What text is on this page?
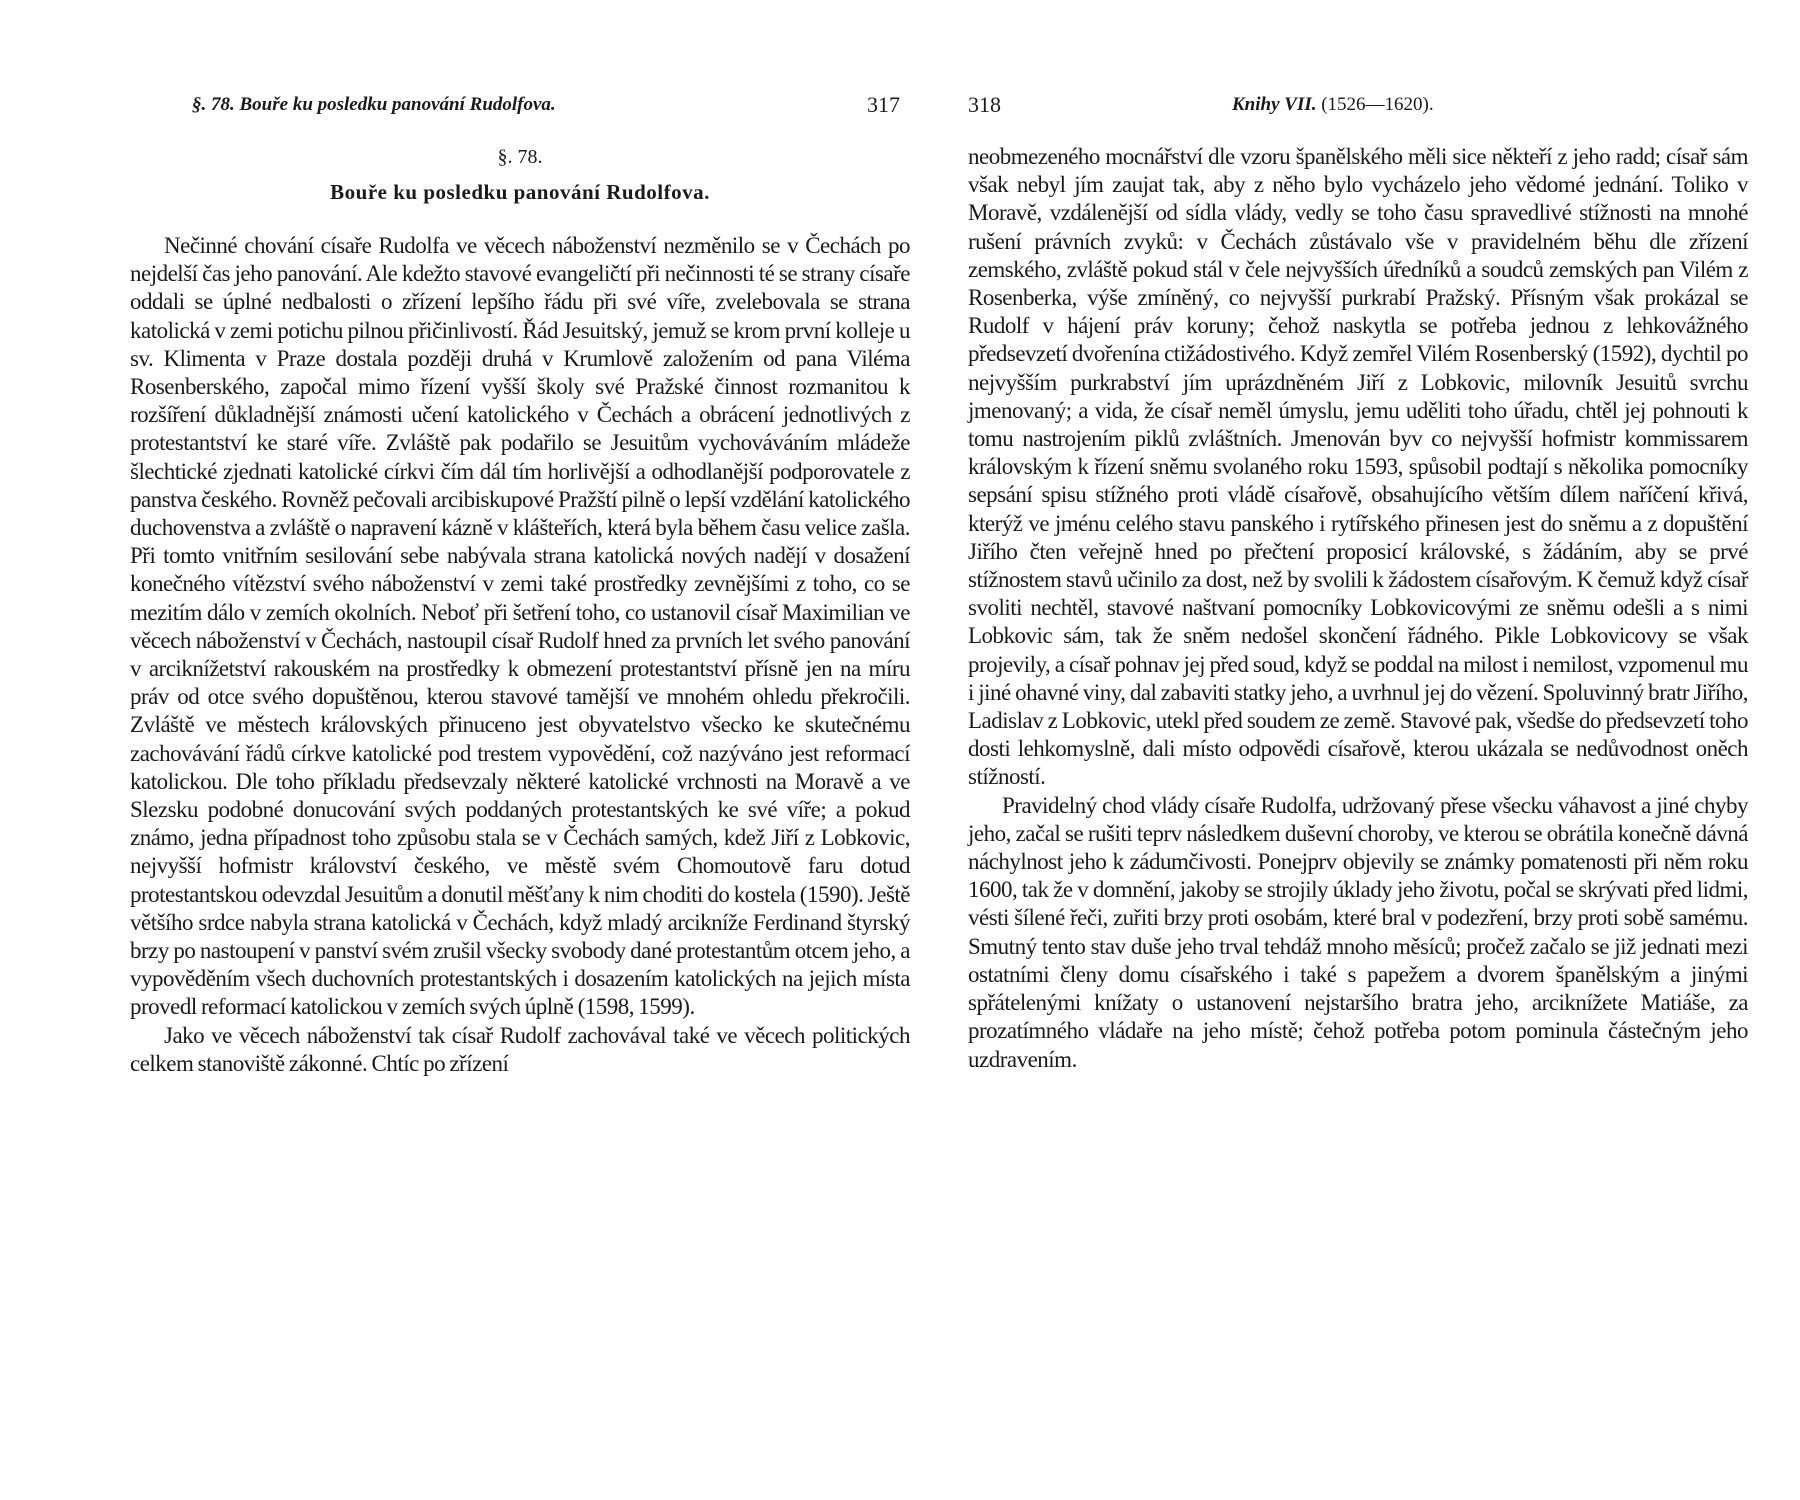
§. 78. Bouře ku posledku panování Rudolfova.	317
§. 78.
Bouře ku posledku panování Rudolfova.

Nečinné chování císaře Rudolfa ve věcech náboženství nezměnilo se v Čechách po nejdelší čas jeho panování. Ale kdežto stavové evangeličtí při nečinnosti té se strany císaře oddali se úplné nedbalosti o zřízení lepšího řádu při své víře, zvelebovala se strana katolická v zemi potichu pilnou přičinlivostí. Řád Jesuitský, jemuž se krom první kolleje u sv. Klimenta v Praze dostala později druhá v Krumlově založením od pana Viléma Rosenberského, započal mimo řízení vyšší školy své Pražské činnost rozmanitou k rozšíření důkladnější známosti učení katolického v Čechách a obrácení jednotlivých z protestantství ke staré víře. Zvláště pak podařilo se Jesuitům vychováváním mládeže šlechtické zjednati katolické církvi čím dál tím horlivější a odhodlanější podporovatele z panstva českého. Rovněž pečovali arcibiskupové Pražští pilně o lepší vzdělání katolického duchovenstva a zvláště o napravení kázně v klášteřích, která byla během času velice zašla. Při tomto vnitřním sesilování sebe nabývala strana katolická nových nadějí v dosažení konečného vítězství svého náboženství v zemi také prostředky zevnějšími z toho, co se mezitím dálo v zemích okolních. Neboť při šetření toho, co ustanovil císař Maximilian ve věcech náboženství v Čechách, nastoupil císař Rudolf hned za prvních let svého panování v arciknížetství rakouském na prostředky k obmezení protestantství přísně jen na míru práv od otce svého dopuštěnou, kterou stavové tamější ve mnohém ohledu překročili. Zvláště ve městech královských přinuceno jest obyvatelstvo všecko ke skutečnému zachovávání řádů církve katolické pod trestem vypovědění, což nazýváno jest reformací katolickou. Dle toho příkladu předsevzaly některé katolické vrchnosti na Moravě a ve Slezsku podobné donucování svých poddaných protestantských ke své víře; a pokud známo, jedna případnost toho způsobu stala se v Čechách samých, kdež Jiří z Lobkovic, nejvyšší hofmistr království českého, ve městě svém Chomoutově faru dotud protestantskou odevzdal Jesuitům a donutil měšťany k nim choditi do kostela (1590). Ještě většího srdce nabyla strana katolická v Čechách, když mladý arcikníže Ferdinand štyrský brzy po nastoupení v panství svém zrušil všecky svobody dané protestantům otcem jeho, a vypověděním všech duchovních protestantských i dosazením katolických na jejich místa provedl reformací katolickou v zemích svých úplně (1598, 1599).

Jako ve věcech náboženství tak císař Rudolf zachovával také ve věcech politických celkem stanoviště zákonné. Chtíc po zřízení

318	Knihy VII. (1526—1620).

neobmezeného mocnářství dle vzoru španělského měli sice někteří z jeho radd; císař sám však nebyl jím zaujat tak, aby z něho bylo vycházelo jeho vědomé jednání. Toliko v Moravě, vzdálenější od sídla vlády, vedly se toho času spravedlivé stížnosti na mnohé rušení právních zvyků: v Čechách zůstávalo vše v pravidelném běhu dle zřízení zemského, zvláště pokud stál v čele nejvyšších úředníků a soudců zemských pan Vilém z Rosenberka, výše zmíněný, co nejvyšší purkrabí Pražský. Přísným však prokázal se Rudolf v hájení práv koruny; čehož naskytla se potřeba jednou z lehkovážného předsevzetí dvořenína ctižádostivého. Když zemřel Vilém Rosenberský (1592), dychtil po nejvyšším purkrabství jím uprázdněném Jiří z Lobkovic, milovník Jesuitů svrchu jmenovaný; a vida, že císař neměl úmyslu, jemu uděliti toho úřadu, chtěl jej pohnouti k tomu nastrojením piklů zvláštních. Jmenován byv co nejvyšší hofmistr kommissarem královským k řízení sněmu svolaného roku 1593, spůsobil podtají s několika pomocníky sepsání spisu stížného proti vládě císařově, obsahujícího větším dílem naříčení křivá, kterýž ve jménu celého stavu panského i rytířského přinesen jest do sněmu a z dopuštění Jiřího čten veřejně hned po přečtení proposicí královské, s žádáním, aby se prvé stížnostem stavů učinilo za dost, než by svolili k žádostem císařovým. K čemuž když císař svoliti nechtěl, stavové naštvaní pomocníky Lobkovicovými ze sněmu odešli a s nimi Lobkovic sám, tak že sněm nedošel skončení řádného. Pikle Lobkovicovy se však projevily, a císař pohnav jej před soud, když se poddal na milost i nemilost, vzpomenul mu i jiné ohavné viny, dal zabaviti statky jeho, a uvrhnul jej do vězení. Spoluvinný bratr Jiřího, Ladislav z Lobkovic, utekl před soudem ze země. Stavové pak, všedše do předsevzetí toho dosti lehkomyslně, dali místo odpovědi císařově, kterou ukázala se nedůvodnost oněch stížností.

Pravidelný chod vlády císaře Rudolfa, udržovaný přese všecku váhavost a jiné chyby jeho, začal se rušiti teprv následkem duševní choroby, ve kterou se obrátila konečně dávná náchylnost jeho k zádumčivosti. Ponejprv objevily se známky pomatenosti při něm roku 1600, tak že v domnění, jakoby se strojily úklady jeho životu, počal se skrývati před lidmi, vésti šílené řeči, zuřiti brzy proti osobám, které bral v podezření, brzy proti sobě samému. Smutný tento stav duše jeho trval tehdáž mnoho měsíců; pročež začalo se již jednati mezi ostatními členy domu císařského i také s papežem a dvorem španělským a jinými spřátelenými knížaty o ustanovení nejstaršího bratra jeho, arciknížete Matiáše, za prozatímného vládaře na jeho místě; čehož potřeba potom pominula částečným jeho uzdravením.
